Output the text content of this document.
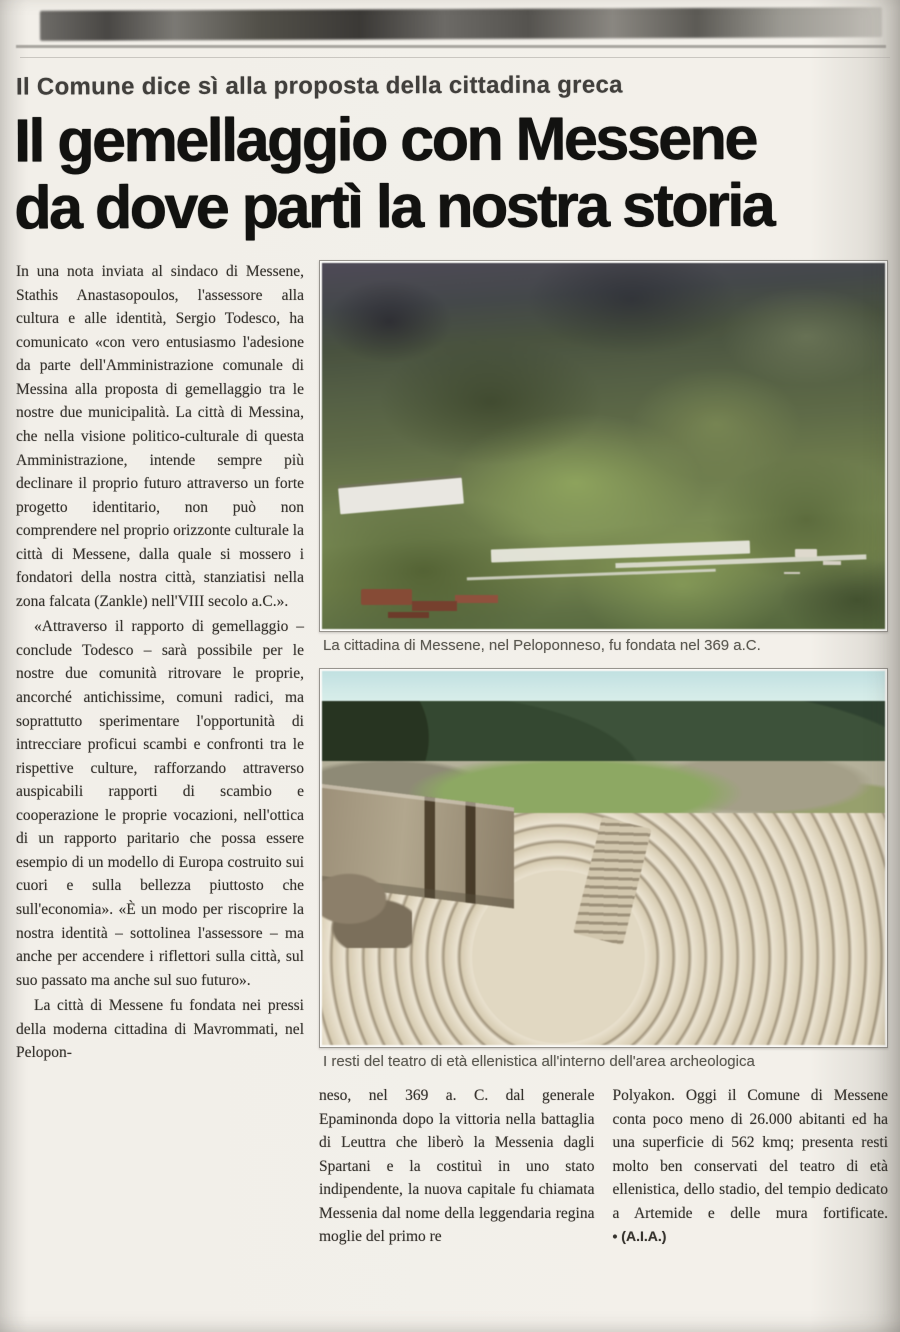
Il Comune dice sì alla proposta della cittadina greca
Il gemellaggio con Messene
da dove partì la nostra storia

In una nota inviata al sindaco di Messene, Stathis Anastasopoulos, l'assessore alla cultura e alle identità, Sergio Todesco, ha comunicato «con vero entusiasmo l'adesione da parte dell'Amministrazione comunale di Messina alla proposta di gemellaggio tra le nostre due municipalità. La città di Messina, che nella visione politico-culturale di questa Amministrazione, intende sempre più declinare il proprio futuro attraverso un forte progetto identitario, non può non comprendere nel proprio orizzonte culturale la città di Messene, dalla quale si mossero i fondatori della nostra città, stanziatisi nella zona falcata (Zankle) nell'VIII secolo a.C.».

«Attraverso il rapporto di gemellaggio – conclude Todesco – sarà possibile per le nostre due comunità ritrovare le proprie, ancorché antichissime, comuni radici, ma soprattutto sperimentare l'opportunità di intrecciare proficui scambi e confronti tra le rispettive culture, rafforzando attraverso auspicabili rapporti di scambio e cooperazione le proprie vocazioni, nell'ottica di un rapporto paritario che possa essere esempio di un modello di Europa costruito sui cuori e sulla bellezza piuttosto che sull'economia». «È un modo per riscoprire la nostra identità – sottolinea l'assessore – ma anche per accendere i riflettori sulla città, sul suo passato ma anche sul suo futuro».

La città di Messene fu fondata nei pressi della moderna cittadina di Mavrommati, nel Pelopon-

La cittadina di Messene, nel Peloponneso, fu fondata nel 369 a.C.
I resti del teatro di età ellenistica all'interno dell'area archeologica

neso, nel 369 a. C. dal generale Epaminonda dopo la vittoria nella battaglia di Leuttra che liberò la Messenia dagli Spartani e la costituì in uno stato indipendente, la nuova capitale fu chiamata Messenia dal nome della leggendaria regina moglie del primo re

Polyakon. Oggi il Comune di Messene conta poco meno di 26.000 abitanti ed ha una superficie di 562 kmq; presenta resti molto ben conservati del teatro di età ellenistica, dello stadio, del tempio dedicato a Artemide e delle mura fortificate. • (A.I.A.)
